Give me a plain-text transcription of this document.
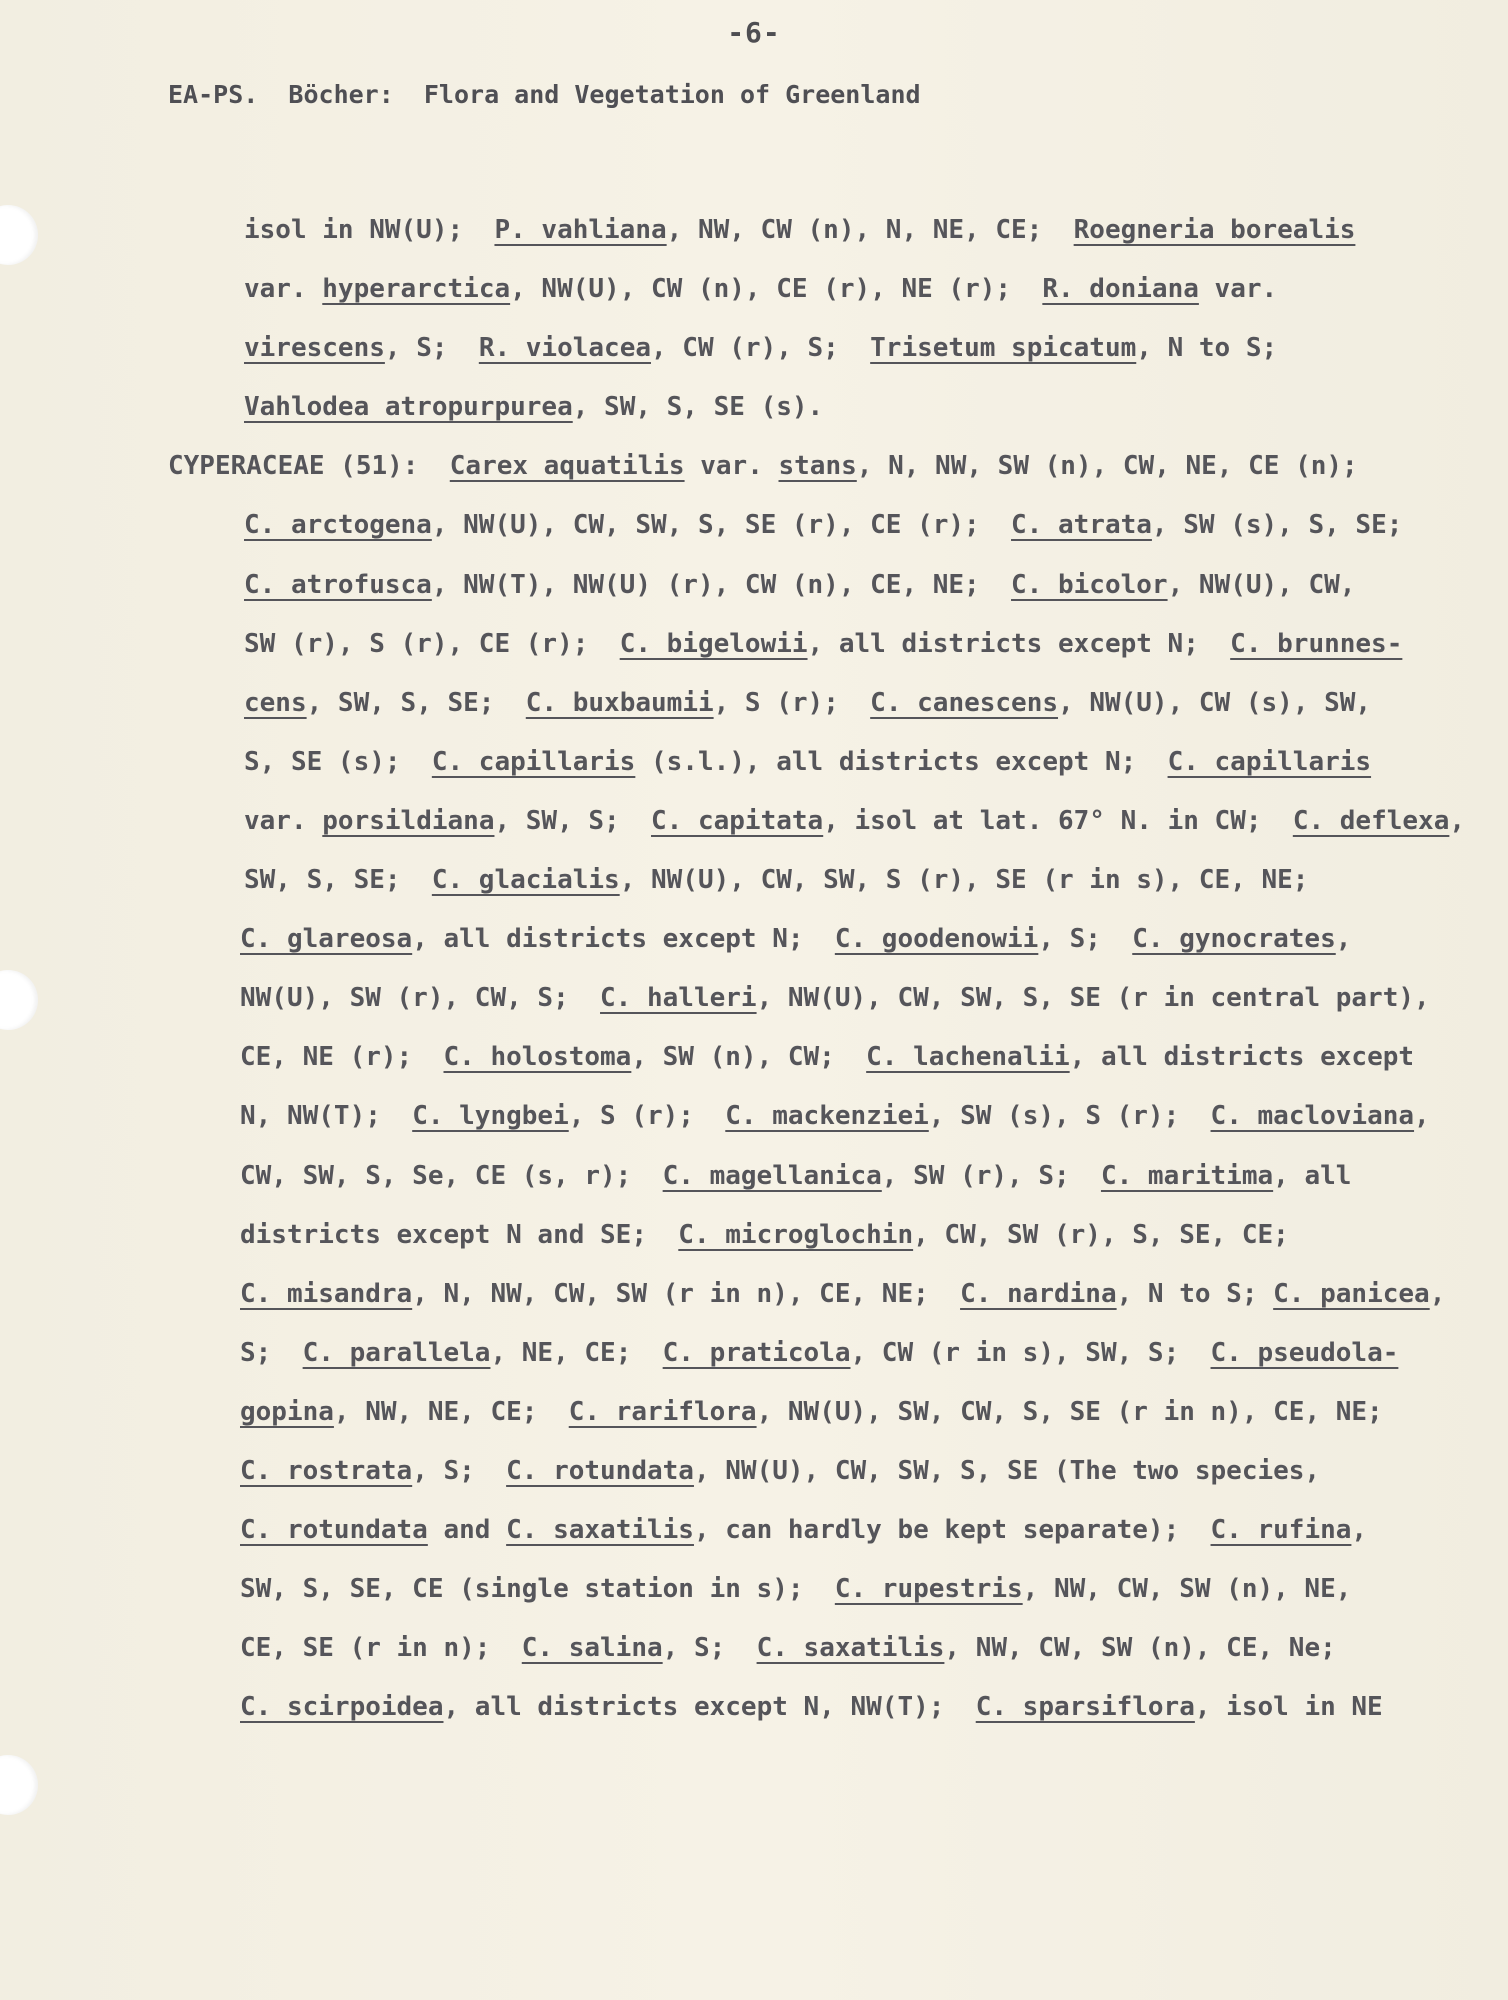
-6-
EA-PS.  Böcher:  Flora and Vegetation of Greenland
isol in NW(U);  P. vahliana, NW, CW (n), N, NE, CE;  Roegneria borealis
var. hyperarctica, NW(U), CW (n), CE (r), NE (r);  R. doniana var.
virescens, S;  R. violacea, CW (r), S;  Trisetum spicatum, N to S;
Vahlodea atropurpurea, SW, S, SE (s).
CYPERACEAE (51):  Carex aquatilis var. stans, N, NW, SW (n), CW, NE, CE (n);
C. arctogena, NW(U), CW, SW, S, SE (r), CE (r);  C. atrata, SW (s), S, SE;
C. atrofusca, NW(T), NW(U) (r), CW (n), CE, NE;  C. bicolor, NW(U), CW,
SW (r), S (r), CE (r);  C. bigelowii, all districts except N;  C. brunnes-
cens, SW, S, SE;  C. buxbaumii, S (r);  C. canescens, NW(U), CW (s), SW,
S, SE (s);  C. capillaris (s.l.), all districts except N;  C. capillaris
var. porsildiana, SW, S;  C. capitata, isol at lat. 67° N. in CW;  C. deflexa,
SW, S, SE;  C. glacialis, NW(U), CW, SW, S (r), SE (r in s), CE, NE;
C. glareosa, all districts except N;  C. goodenowii, S;  C. gynocrates,
NW(U), SW (r), CW, S;  C. halleri, NW(U), CW, SW, S, SE (r in central part),
CE, NE (r);  C. holostoma, SW (n), CW;  C. lachenalii, all districts except
N, NW(T);  C. lyngbei, S (r);  C. mackenziei, SW (s), S (r);  C. macloviana,
CW, SW, S, Se, CE (s, r);  C. magellanica, SW (r), S;  C. maritima, all
districts except N and SE;  C. microglochin, CW, SW (r), S, SE, CE;
C. misandra, N, NW, CW, SW (r in n), CE, NE;  C. nardina, N to S; C. panicea,
S;  C. parallela, NE, CE;  C. praticola, CW (r in s), SW, S;  C. pseudola-
gopina, NW, NE, CE;  C. rariflora, NW(U), SW, CW, S, SE (r in n), CE, NE;
C. rostrata, S;  C. rotundata, NW(U), CW, SW, S, SE (The two species,
C. rotundata and C. saxatilis, can hardly be kept separate);  C. rufina,
SW, S, SE, CE (single station in s);  C. rupestris, NW, CW, SW (n), NE,
CE, SE (r in n);  C. salina, S;  C. saxatilis, NW, CW, SW (n), CE, Ne;
C. scirpoidea, all districts except N, NW(T);  C. sparsiflora, isol in NE
